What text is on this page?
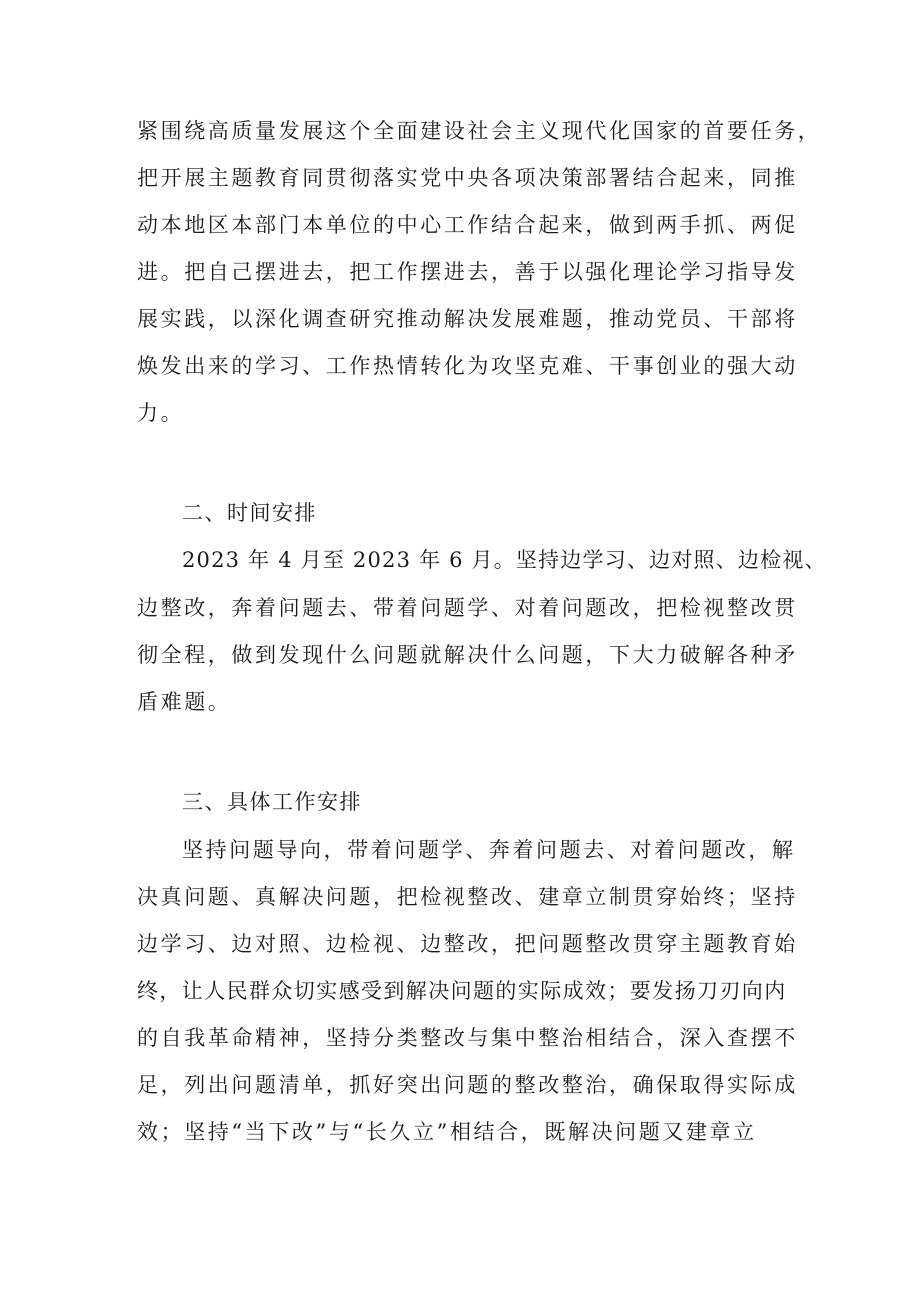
紧围绕高质量发展这个全面建设社会主义现代化国家的首要任务，
把开展主题教育同贯彻落实党中央各项决策部署结合起来，同推
动本地区本部门本单位的中心工作结合起来，做到两手抓、两促
进。把自己摆进去，把工作摆进去，善于以强化理论学习指导发
展实践，以深化调查研究推动解决发展难题，推动党员、干部将
焕发出来的学习、工作热情转化为攻坚克难、干事创业的强大动
力。
二、时间安排
2023 年 4 月至 2023 年 6 月。坚持边学习、边对照、边检视、
边整改，奔着问题去、带着问题学、对着问题改，把检视整改贯
彻全程，做到发现什么问题就解决什么问题，下大力破解各种矛
盾难题。
三、具体工作安排
坚持问题导向，带着问题学、奔着问题去、对着问题改，解
决真问题、真解决问题，把检视整改、建章立制贯穿始终；坚持
边学习、边对照、边检视、边整改，把问题整改贯穿主题教育始
终，让人民群众切实感受到解决问题的实际成效；要发扬刀刃向内
的自我革命精神，坚持分类整改与集中整治相结合，深入查摆不
足，列出问题清单，抓好突出问题的整改整治，确保取得实际成
效；坚持“当下改”与“长久立”相结合，既解决问题又建章立
